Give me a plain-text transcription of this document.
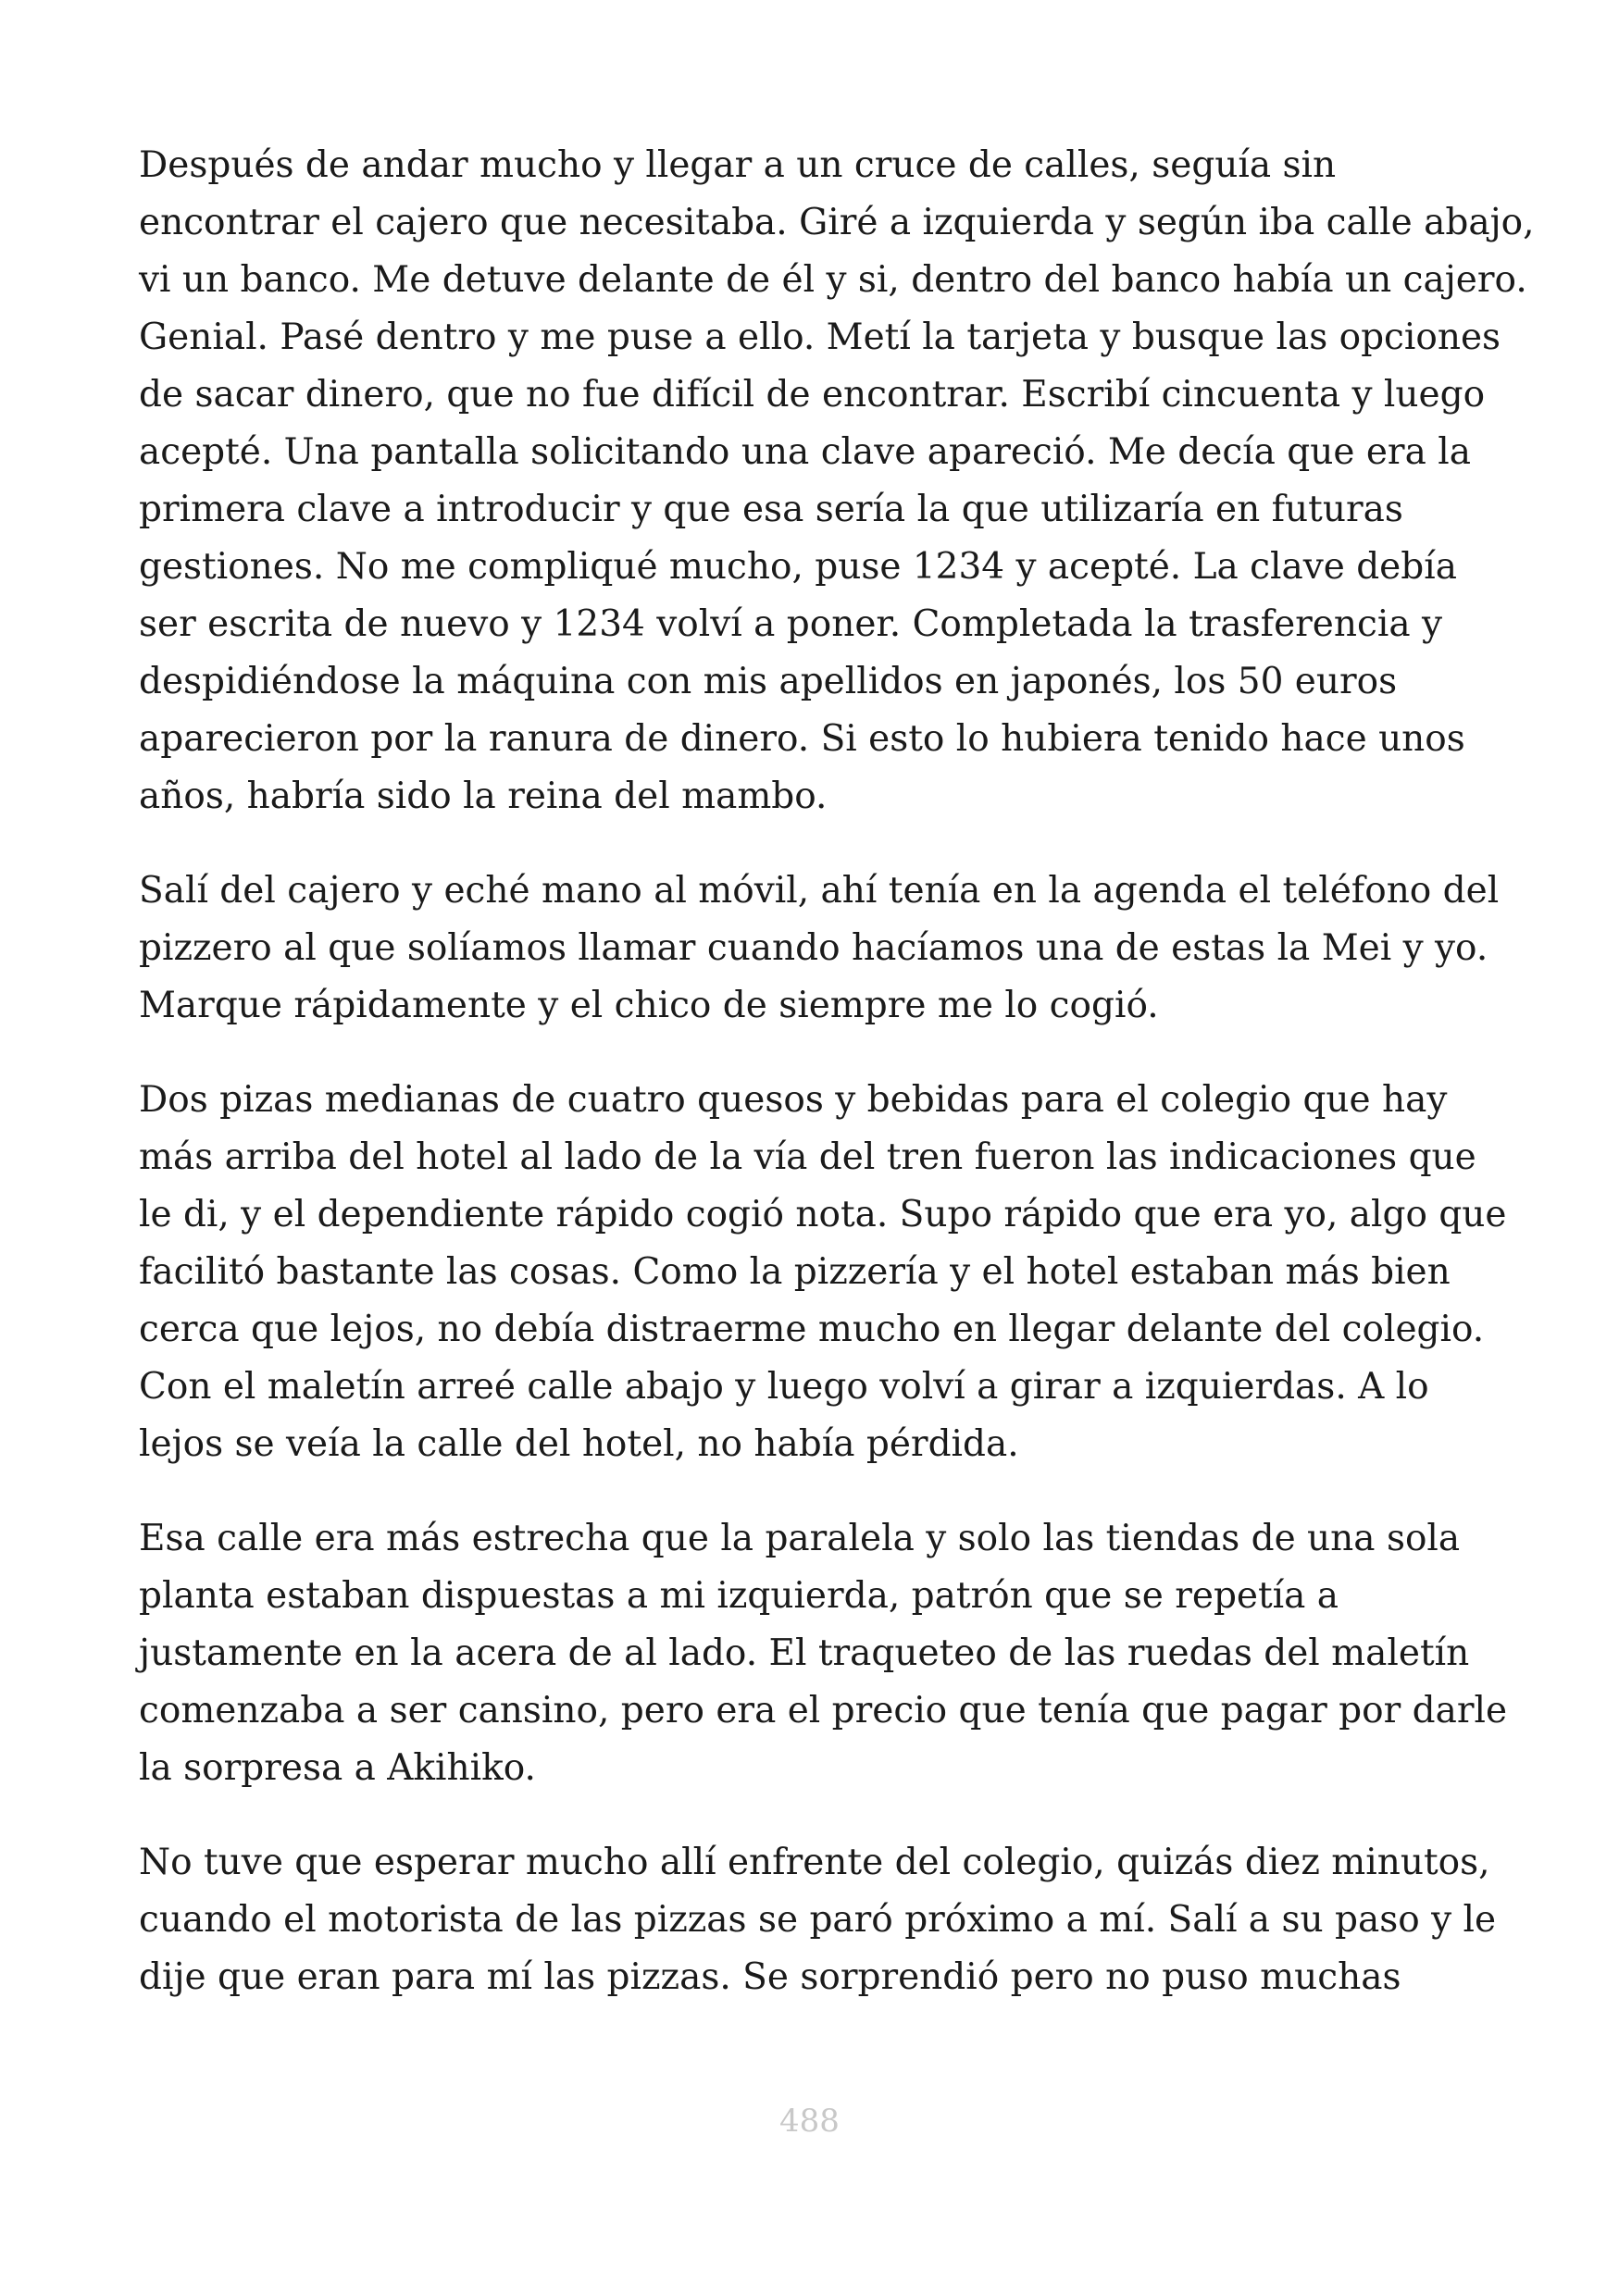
Después de andar mucho y llegar a un cruce de calles, seguía sin
encontrar el cajero que necesitaba. Giré a izquierda y según iba calle abajo,
vi un banco. Me detuve delante de él y si, dentro del banco había un cajero.
Genial. Pasé dentro y me puse a ello. Metí la tarjeta y busque las opciones
de sacar dinero, que no fue difícil de encontrar. Escribí cincuenta y luego
acepté. Una pantalla solicitando una clave apareció. Me decía que era la
primera clave a introducir y que esa sería la que utilizaría en futuras
gestiones. No me compliqué mucho, puse 1234 y acepté. La clave debía
ser escrita de nuevo y 1234 volví a poner. Completada la trasferencia y
despidiéndose la máquina con mis apellidos en japonés, los 50 euros
aparecieron por la ranura de dinero. Si esto lo hubiera tenido hace unos
años, habría sido la reina del mambo.

Salí del cajero y eché mano al móvil, ahí tenía en la agenda el teléfono del
pizzero al que solíamos llamar cuando hacíamos una de estas la Mei y yo.
Marque rápidamente y el chico de siempre me lo cogió.

Dos pizas medianas de cuatro quesos y bebidas para el colegio que hay
más arriba del hotel al lado de la vía del tren fueron las indicaciones que
le di, y el dependiente rápido cogió nota. Supo rápido que era yo, algo que
facilitó bastante las cosas. Como la pizzería y el hotel estaban más bien
cerca que lejos, no debía distraerme mucho en llegar delante del colegio.
Con el maletín arreé calle abajo y luego volví a girar a izquierdas. A lo
lejos se veía la calle del hotel, no había pérdida.

Esa calle era más estrecha que la paralela y solo las tiendas de una sola
planta estaban dispuestas a mi izquierda, patrón que se repetía a
justamente en la acera de al lado. El traqueteo de las ruedas del maletín
comenzaba a ser cansino, pero era el precio que tenía que pagar por darle
la sorpresa a Akihiko.

No tuve que esperar mucho allí enfrente del colegio, quizás diez minutos,
cuando el motorista de las pizzas se paró próximo a mí. Salí a su paso y le
dije que eran para mí las pizzas. Se sorprendió pero no puso muchas

488
